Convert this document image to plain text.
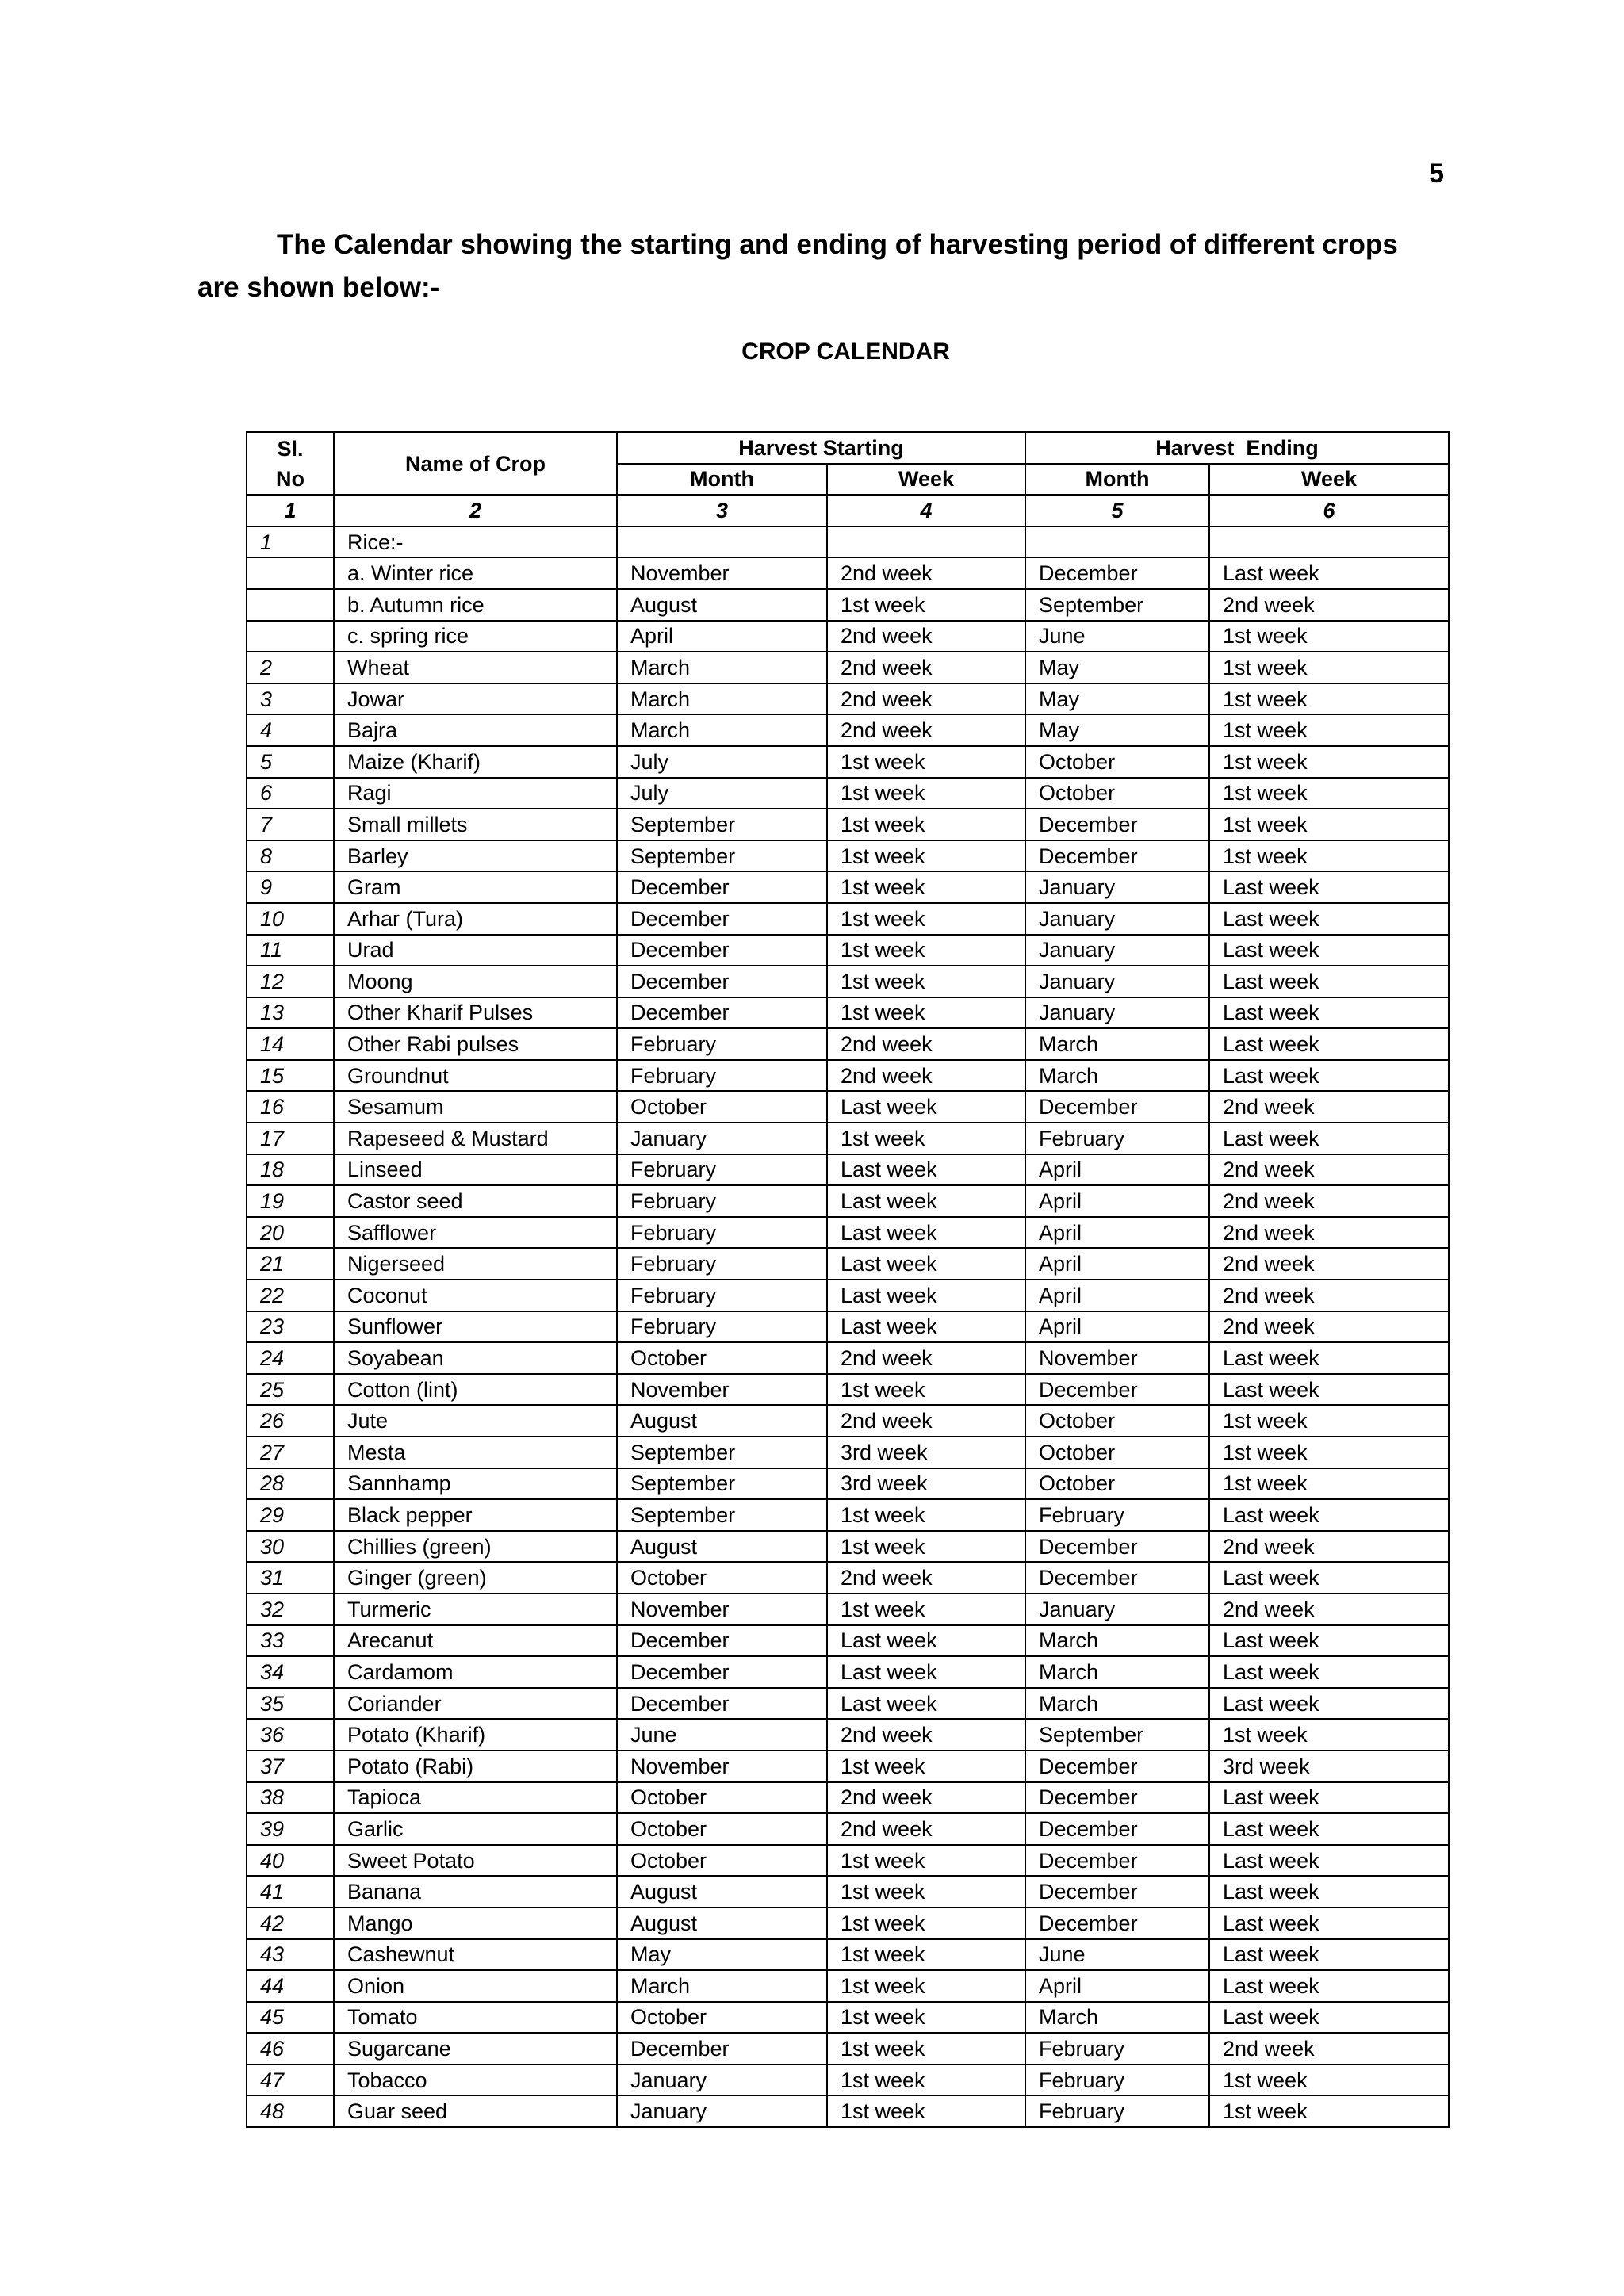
5
The Calendar showing the starting and ending of harvesting period of different crops are shown below:-
CROP CALENDAR
Sl. No	Name of Crop	Harvest Starting		Harvest  Ending	
		Month	Week	Month	Week
1	2	3	4	5	6
1	Rice:-				
	a. Winter rice	November	2nd week	December	Last week
	b. Autumn rice	August	1st week	September	2nd week
	c. spring rice	April	2nd week	June	1st week
2	Wheat	March	2nd week	May	1st week
3	Jowar	March	2nd week	May	1st week
4	Bajra	March	2nd week	May	1st week
5	Maize (Kharif)	July	1st week	October	1st week
6	Ragi	July	1st week	October	1st week
7	Small millets	September	1st week	December	1st week
8	Barley	September	1st week	December	1st week
9	Gram	December	1st week	January	Last week
10	Arhar (Tura)	December	1st week	January	Last week
11	Urad	December	1st week	January	Last week
12	Moong	December	1st week	January	Last week
13	Other Kharif Pulses	December	1st week	January	Last week
14	Other Rabi pulses	February	2nd week	March	Last week
15	Groundnut	February	2nd week	March	Last week
16	Sesamum	October	Last week	December	2nd week
17	Rapeseed & Mustard	January	1st week	February	Last week
18	Linseed	February	Last week	April	2nd week
19	Castor seed	February	Last week	April	2nd week
20	Safflower	February	Last week	April	2nd week
21	Nigerseed	February	Last week	April	2nd week
22	Coconut	February	Last week	April	2nd week
23	Sunflower	February	Last week	April	2nd week
24	Soyabean	October	2nd week	November	Last week
25	Cotton (lint)	November	1st week	December	Last week
26	Jute	August	2nd week	October	1st week
27	Mesta	September	3rd week	October	1st week
28	Sannhamp	September	3rd week	October	1st week
29	Black pepper	September	1st week	February	Last week
30	Chillies (green)	August	1st week	December	2nd week
31	Ginger (green)	October	2nd week	December	Last week
32	Turmeric	November	1st week	January	2nd week
33	Arecanut	December	Last week	March	Last week
34	Cardamom	December	Last week	March	Last week
35	Coriander	December	Last week	March	Last week
36	Potato (Kharif)	June	2nd week	September	1st week
37	Potato (Rabi)	November	1st week	December	3rd week
38	Tapioca	October	2nd week	December	Last week
39	Garlic	October	2nd week	December	Last week
40	Sweet Potato	October	1st week	December	Last week
41	Banana	August	1st week	December	Last week
42	Mango	August	1st week	December	Last week
43	Cashewnut	May	1st week	June	Last week
44	Onion	March	1st week	April	Last week
45	Tomato	October	1st week	March	Last week
46	Sugarcane	December	1st week	February	2nd week
47	Tobacco	January	1st week	February	1st week
48	Guar seed	January	1st week	February	1st week
